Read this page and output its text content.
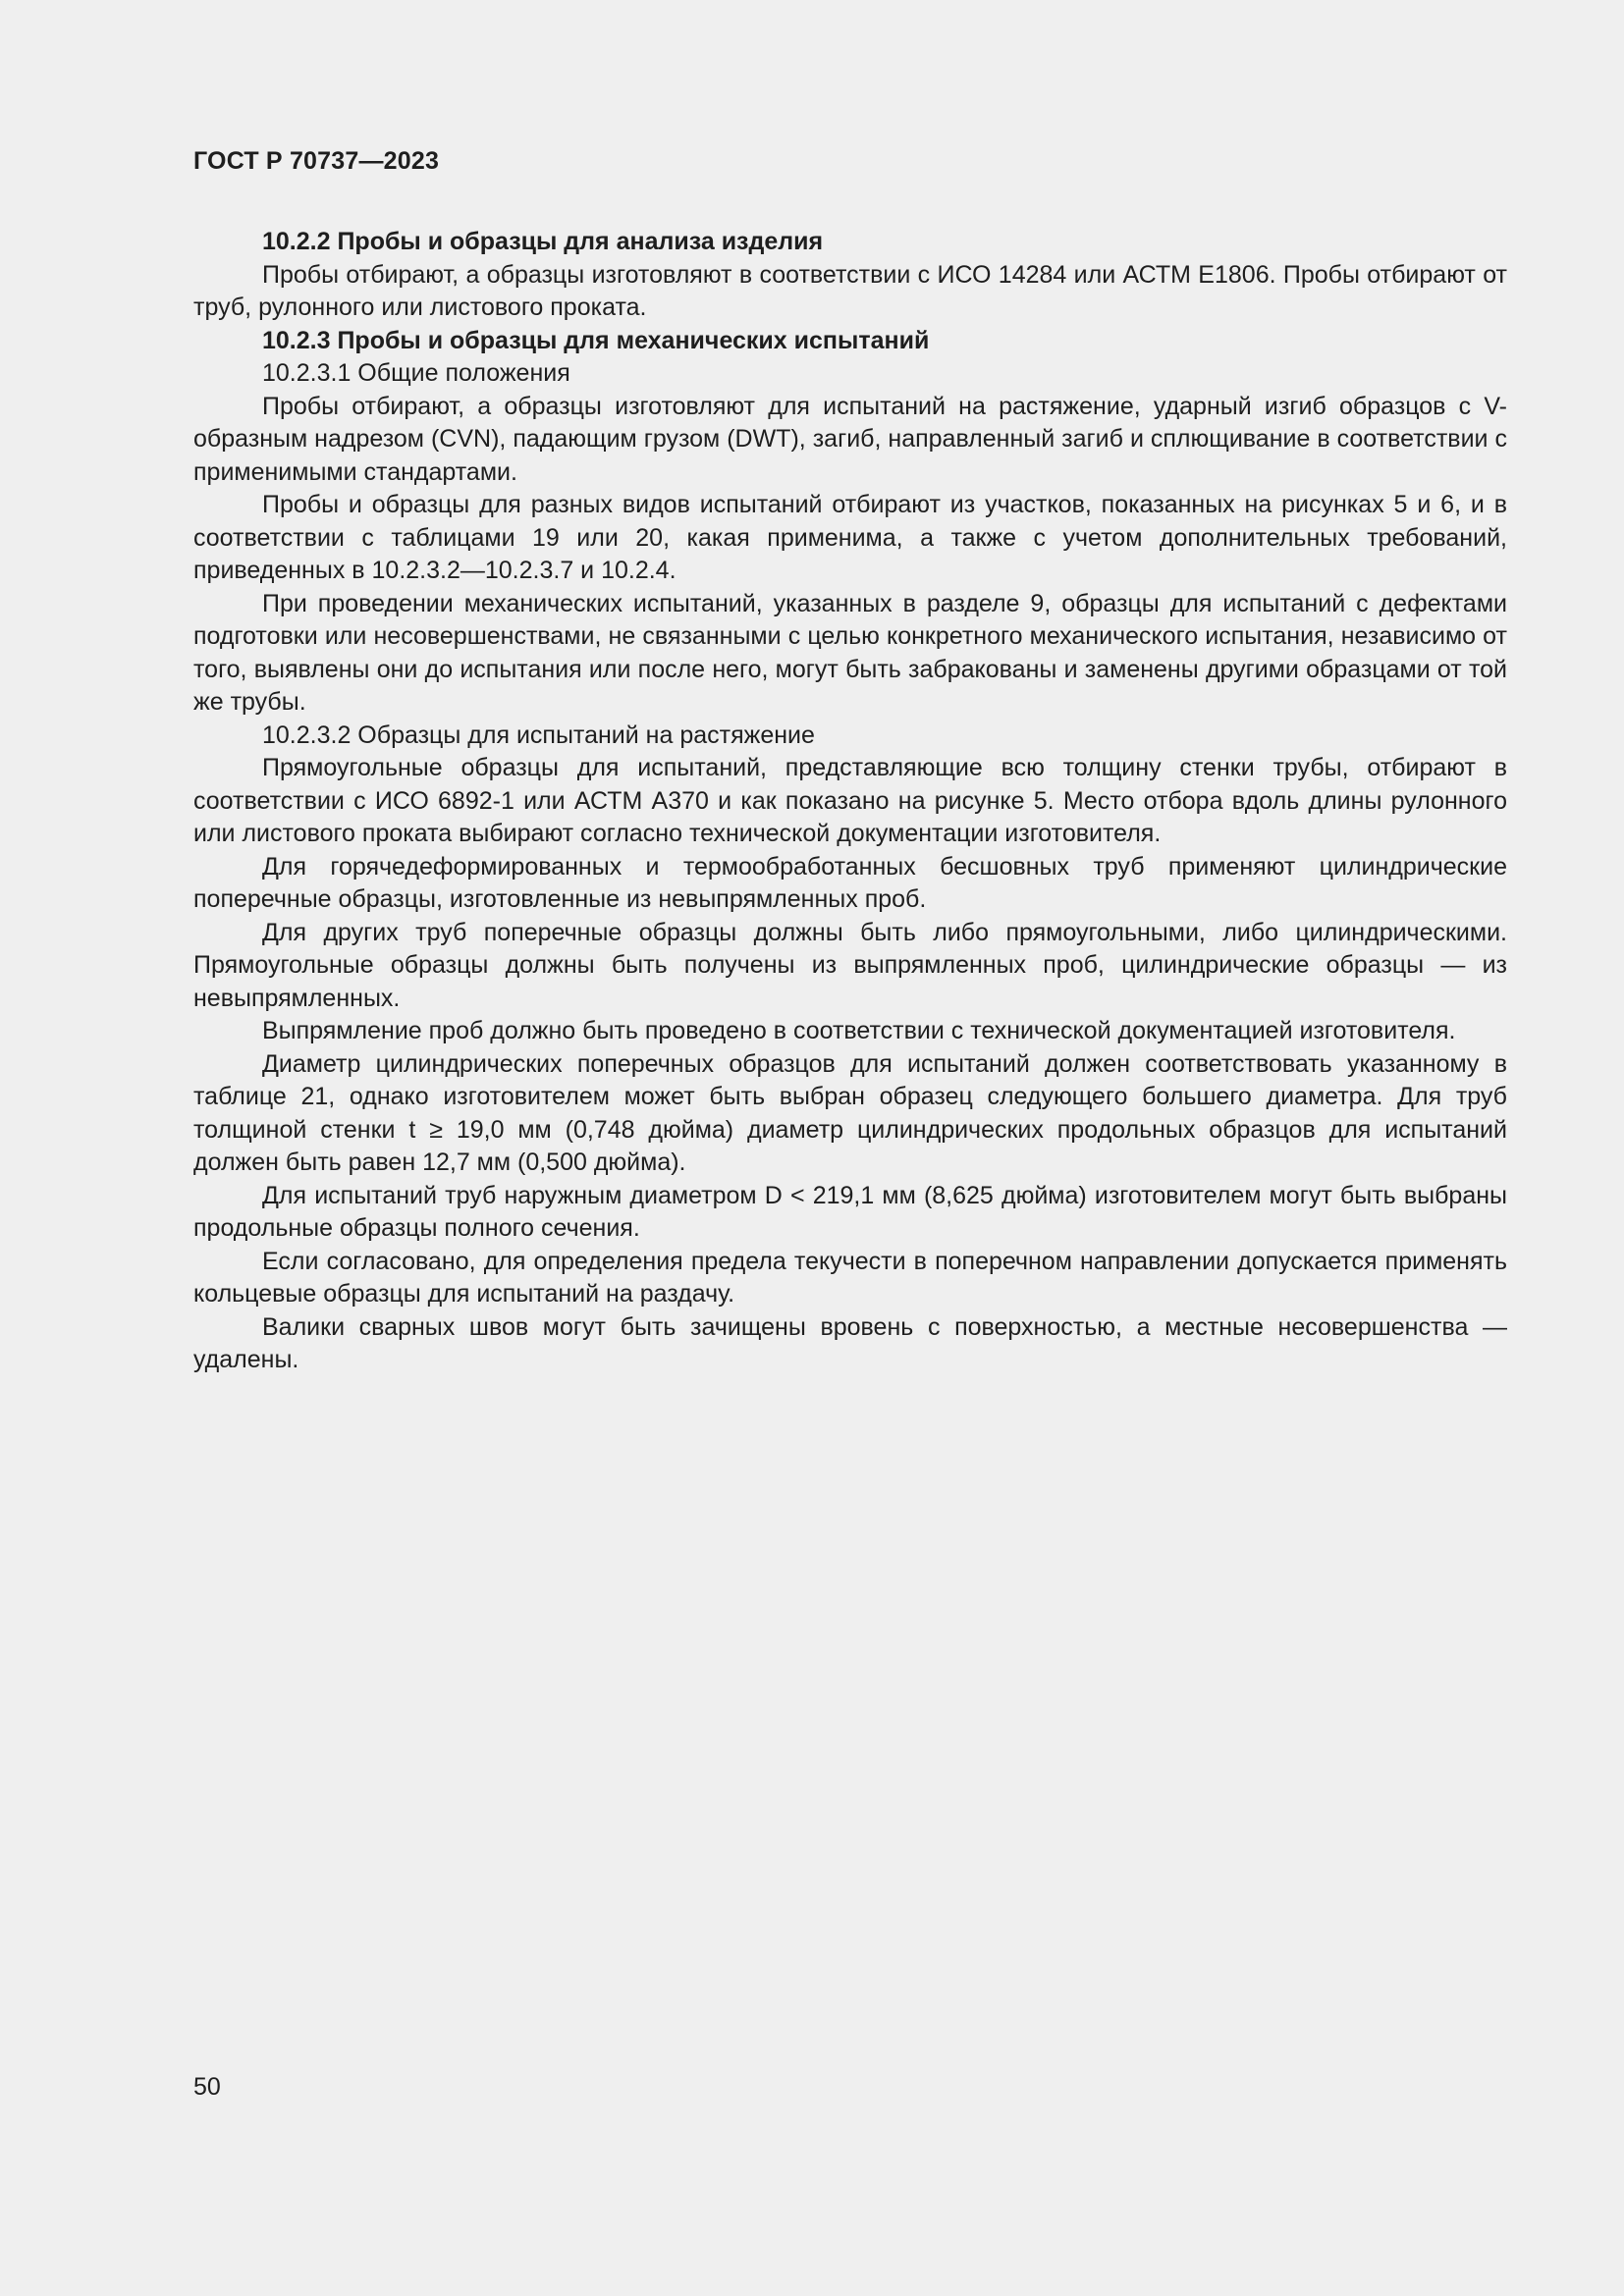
ГОСТ Р 70737—2023

10.2.2 Пробы и образцы для анализа изделия

Пробы отбирают, а образцы изготовляют в соответствии с ИСО 14284 или АСТМ Е1806. Пробы отбирают от труб, рулонного или листового проката.

10.2.3 Пробы и образцы для механических испытаний

10.2.3.1 Общие положения

Пробы отбирают, а образцы изготовляют для испытаний на растяжение, ударный изгиб образцов с V-образным надрезом (CVN), падающим грузом (DWT), загиб, направленный загиб и сплющивание в соответствии с применимыми стандартами.

Пробы и образцы для разных видов испытаний отбирают из участков, показанных на рисунках 5 и 6, и в соответствии с таблицами 19 или 20, какая применима, а также с учетом дополнительных требований, приведенных в 10.2.3.2—10.2.3.7 и 10.2.4.

При проведении механических испытаний, указанных в разделе 9, образцы для испытаний с дефектами подготовки или несовершенствами, не связанными с целью конкретного механического испытания, независимо от того, выявлены они до испытания или после него, могут быть забракованы и заменены другими образцами от той же трубы.

10.2.3.2 Образцы для испытаний на растяжение

Прямоугольные образцы для испытаний, представляющие всю толщину стенки трубы, отбирают в соответствии с ИСО 6892-1 или АСТМ А370 и как показано на рисунке 5. Место отбора вдоль длины рулонного или листового проката выбирают согласно технической документации изготовителя.

Для горячедеформированных и термообработанных бесшовных труб применяют цилиндрические поперечные образцы, изготовленные из невыпрямленных проб.

Для других труб поперечные образцы должны быть либо прямоугольными, либо цилиндрическими. Прямоугольные образцы должны быть получены из выпрямленных проб, цилиндрические образцы — из невыпрямленных.

Выпрямление проб должно быть проведено в соответствии с технической документацией изготовителя.

Диаметр цилиндрических поперечных образцов для испытаний должен соответствовать указанному в таблице 21, однако изготовителем может быть выбран образец следующего большего диаметра. Для труб толщиной стенки t ≥ 19,0 мм (0,748 дюйма) диаметр цилиндрических продольных образцов для испытаний должен быть равен 12,7 мм (0,500 дюйма).

Для испытаний труб наружным диаметром D < 219,1 мм (8,625 дюйма) изготовителем могут быть выбраны продольные образцы полного сечения.

Если согласовано, для определения предела текучести в поперечном направлении допускается применять кольцевые образцы для испытаний на раздачу.

Валики сварных швов могут быть зачищены вровень с поверхностью, а местные несовершенства — удалены.

50
